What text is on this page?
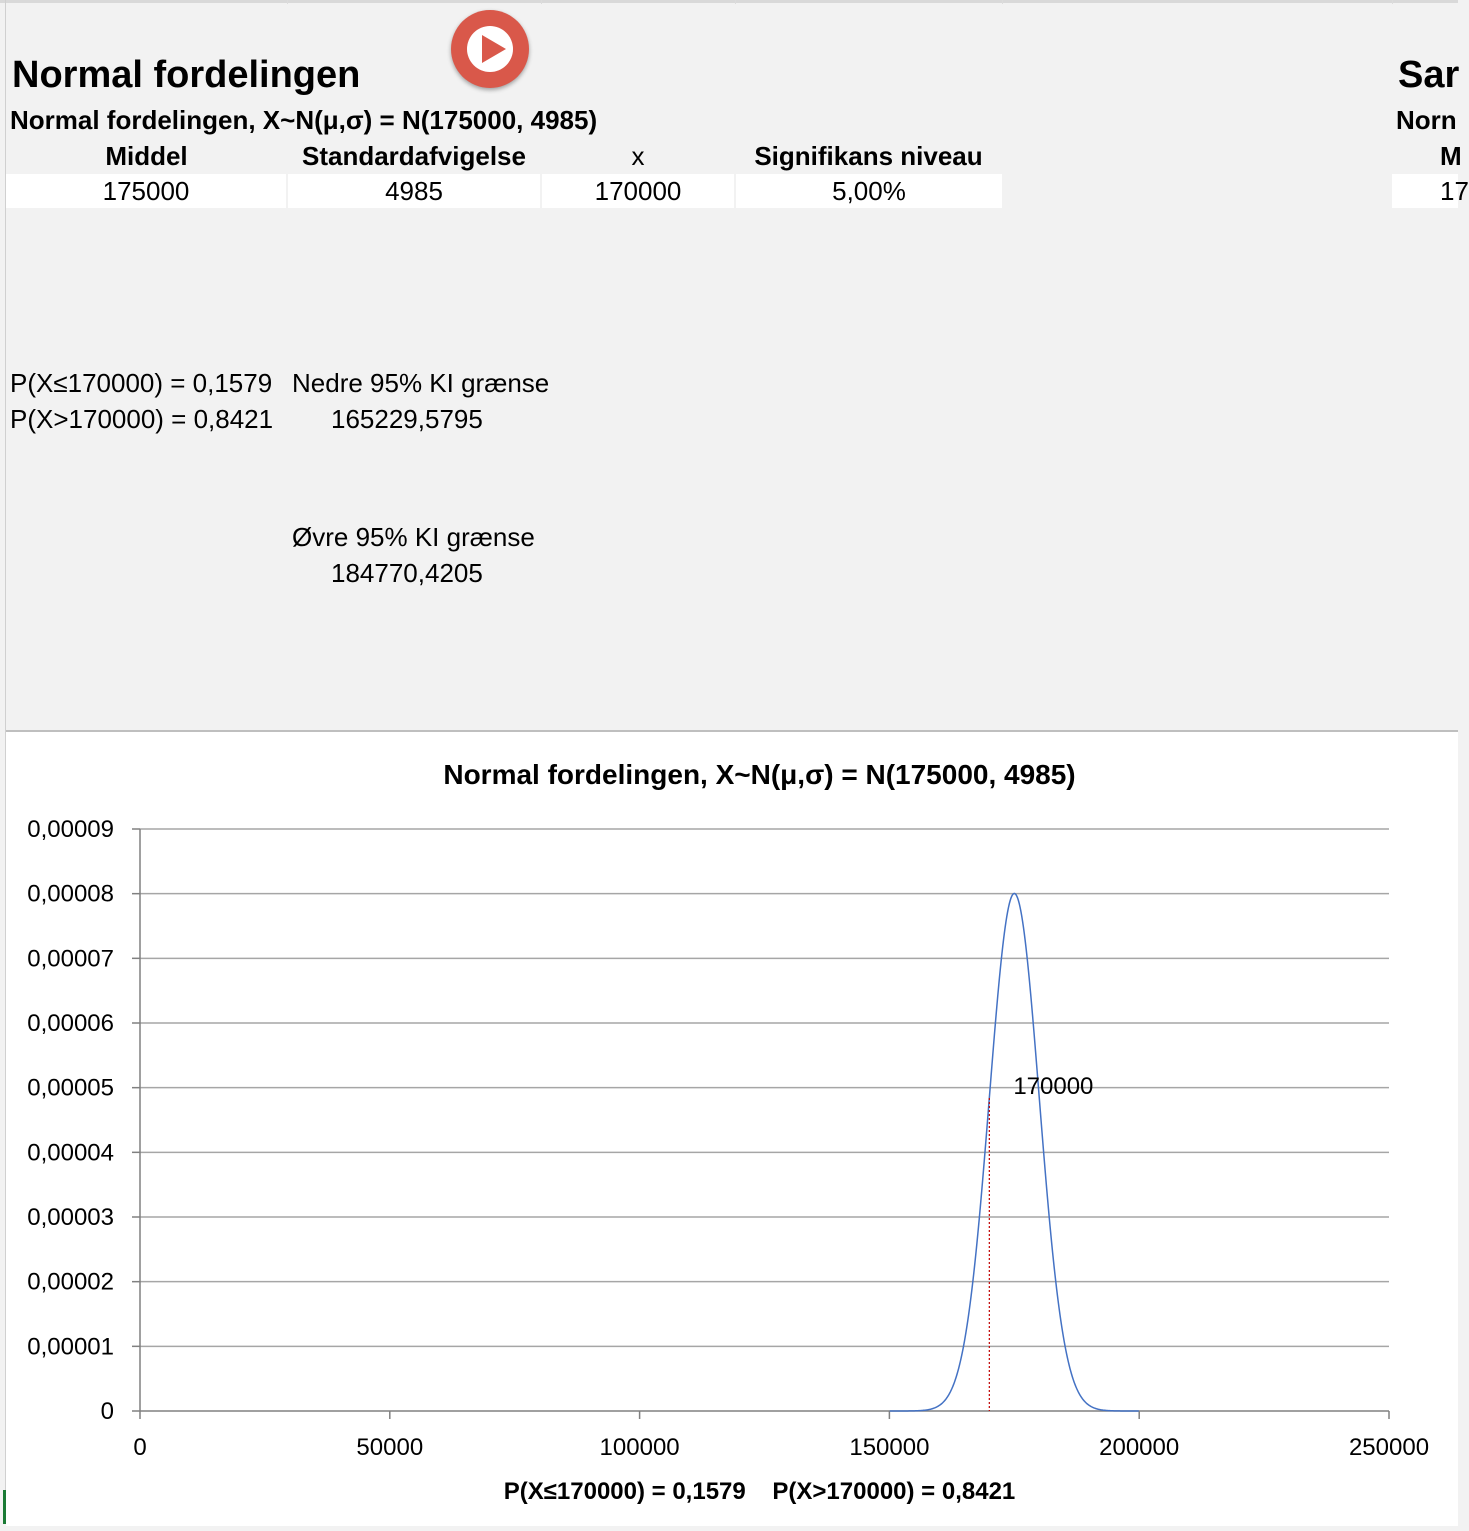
Normal fordelingen
Normal fordelingen, X~N(μ,σ) = N(175000, 4985)
Middel	Standardafvigelse	x	Signifikans niveau
175000	4985	170000	5,00%
P(X≤170000) = 0,1579
P(X>170000) = 0,8421
Nedre 95% KI grænse
165229,5795
Øvre 95% KI grænse
184770,4205
Sar
Norn
M
17
Normal fordelingen, X~N(μ,σ) = N(175000, 4985)
0
0,00001
0,00002
0,00003
0,00004
0,00005
0,00006
0,00007
0,00008
0,00009
0	50000	100000	150000	200000	250000
170000
P(X≤170000) = 0,1579    P(X>170000) = 0,8421
